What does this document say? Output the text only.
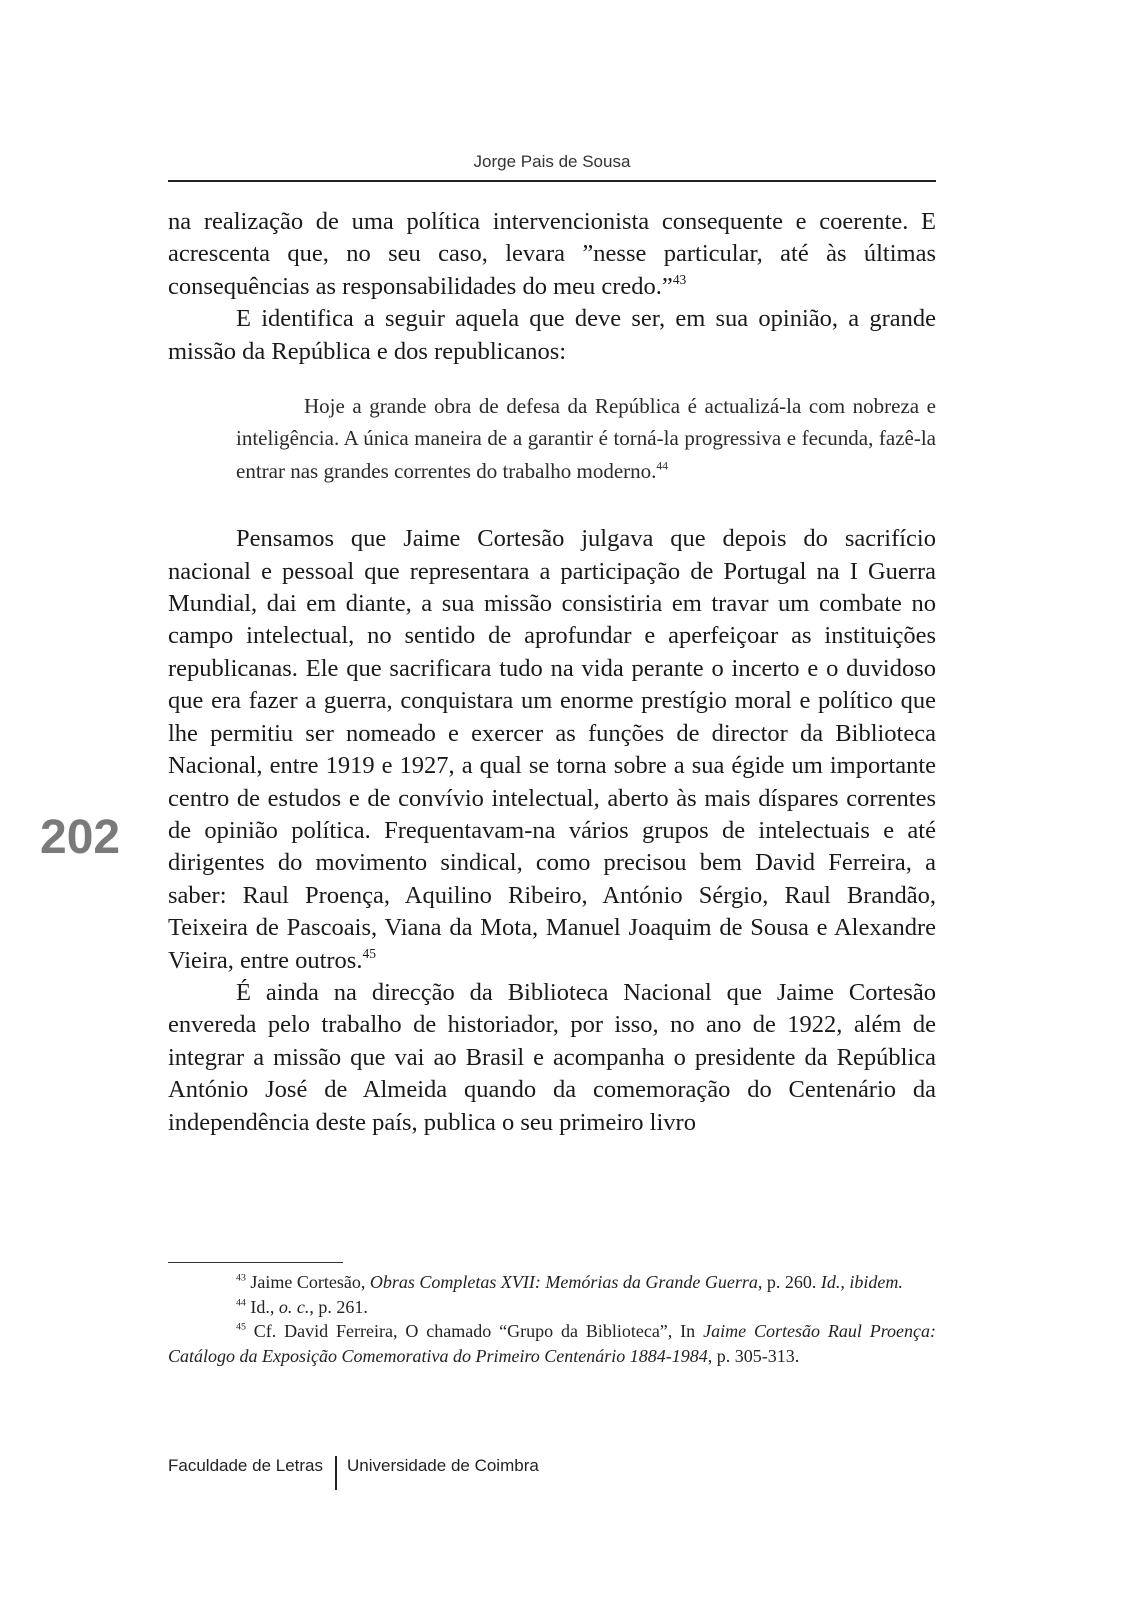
Jorge Pais de Sousa
202

na realização de uma política intervencionista consequente e coerente. E acrescenta que, no seu caso, levara ”nesse particular, até às últimas consequências as responsabilidades do meu credo.”$^{43}$

E identifica a seguir aquela que deve ser, em sua opinião, a grande missão da República e dos republicanos:

Hoje a grande obra de defesa da República é actualizá-la com nobreza e inteligência. A única maneira de a garantir é torná-la progressiva e fecunda, fazê-la entrar nas grandes correntes do trabalho moderno.$^{44}$

Pensamos que Jaime Cortesão julgava que depois do sacrifício nacional e pessoal que representara a participação de Portugal na I Guerra Mundial, dai em diante, a sua missão consistiria em travar um combate no campo intelectual, no sentido de aprofundar e aperfeiçoar as instituições republicanas. Ele que sacrificara tudo na vida perante o incerto e o duvidoso que era fazer a guerra, conquistara um enorme prestígio moral e político que lhe permitiu ser nomeado e exercer as funções de director da Biblioteca Nacional, entre 1919 e 1927, a qual se torna sobre a sua égide um importante centro de estudos e de convívio intelectual, aberto às mais díspares correntes de opinião política. Frequentavam-na vários grupos de intelectuais e até dirigentes do movimento sindical, como precisou bem David Ferreira, a saber: Raul Proença, Aquilino Ribeiro, António Sérgio, Raul Brandão, Teixeira de Pascoais, Viana da Mota, Manuel Joaquim de Sousa e Alexandre Vieira, entre outros.$^{45}$

É ainda na direcção da Biblioteca Nacional que Jaime Cortesão envereda pelo trabalho de historiador, por isso, no ano de 1922, além de integrar a missão que vai ao Brasil e acompanha o presidente da República António José de Almeida quando da comemoração do Centenário da independência deste país, publica o seu primeiro livro

$^{43}$ Jaime Cortesão, Obras Completas XVII: Memórias da Grande Guerra, p. 260. Id., ibidem.

$^{44}$ Id., o. c., p. 261.

$^{45}$ Cf. David Ferreira, O chamado “Grupo da Biblioteca”, In Jaime Cortesão Raul Proença: Catálogo da Exposição Comemorativa do Primeiro Centenário 1884-1984, p. 305-313.

Faculdade de Letras Universidade de Coimbra
